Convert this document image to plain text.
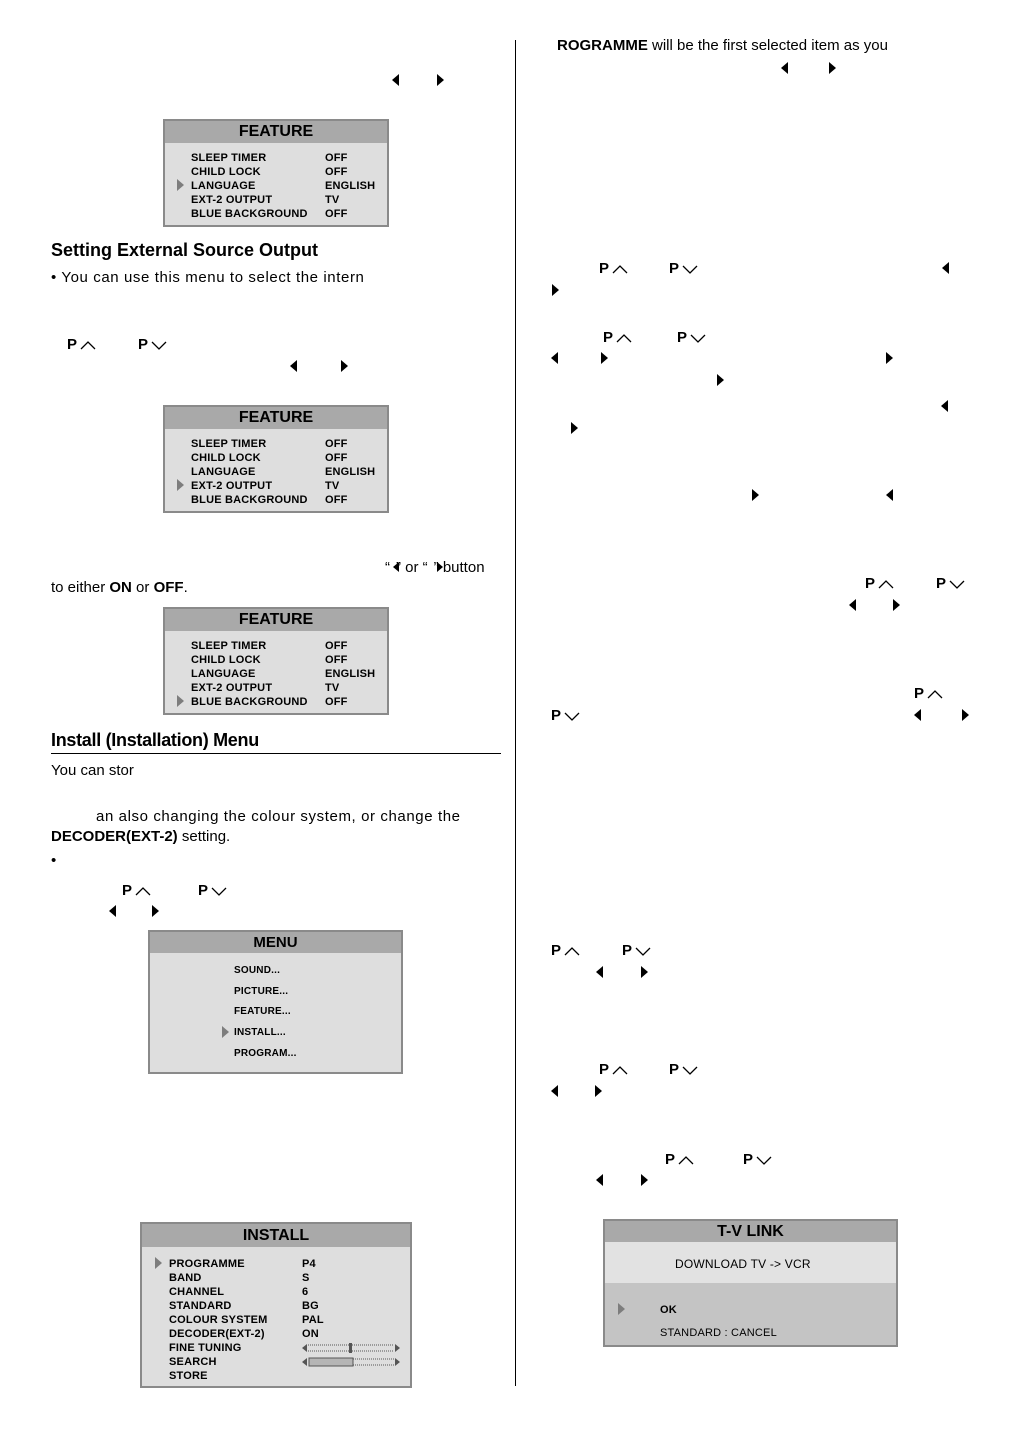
FEATURE
SLEEP TIMER	OFF
CHILD LOCK	OFF
LANGUAGE	ENGLISH
EXT-2 OUTPUT	TV
BLUE BACKGROUND OFF
Setting External Source Output
• You can use this menu to select the intern
P	P
FEATURE
SLEEP TIMER	OFF
CHILD LOCK	OFF
LANGUAGE	ENGLISH
EXT-2 OUTPUT	TV
BLUE BACKGROUND OFF
“  ” or “  ” button
to either ON or OFF.
FEATURE
SLEEP TIMER	OFF
CHILD LOCK	OFF
LANGUAGE	ENGLISH
EXT-2 OUTPUT	TV
BLUE BACKGROUND OFF
Install (Installation) Menu
You can stor
an also changing the colour system, or change the
DECODER(EXT-2) setting.
•
P	P
MENU
SOUND...
PICTURE...
FEATURE...
INSTALL...
PROGRAM...
INSTALL
PROGRAMME	P4
BAND	S
CHANNEL	6
STANDARD	BG
COLOUR SYSTEM	PAL
DECODER(EXT-2)	ON
FINE TUNING
SEARCH
STORE
ROGRAMME will be the first selected item as you
P	P
P	P
P	P
P
P
P	P
P	P
P	P
T-V LINK
DOWNLOAD TV -> VCR
OK
STANDARD : CANCEL
